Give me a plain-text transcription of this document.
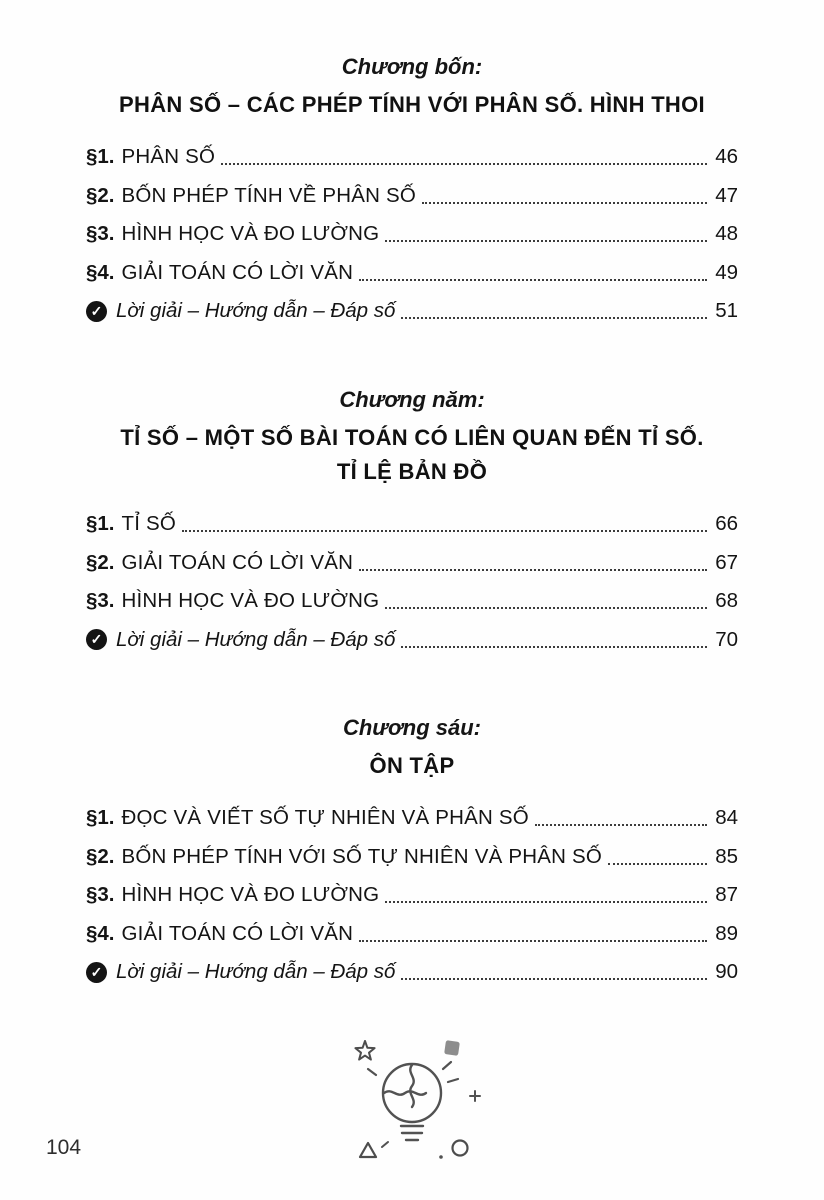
Chương bốn:
PHÂN SỐ – CÁC PHÉP TÍNH VỚI PHÂN SỐ. HÌNH THOI
§1. PHÂN SỐ	46
§2. BỐN PHÉP TÍNH VỀ PHÂN SỐ	47
§3. HÌNH HỌC VÀ ĐO LƯỜNG	48
§4. GIẢI TOÁN CÓ LỜI VĂN	49
✓ Lời giải – Hướng dẫn – Đáp số	51
Chương năm:
TỈ SỐ – MỘT SỐ BÀI TOÁN CÓ LIÊN QUAN ĐẾN TỈ SỐ.
TỈ LỆ BẢN ĐỒ
§1. TỈ SỐ	66
§2. GIẢI TOÁN CÓ LỜI VĂN	67
§3. HÌNH HỌC VÀ ĐO LƯỜNG	68
✓ Lời giải – Hướng dẫn – Đáp số	70
Chương sáu:
ÔN TẬP
§1. ĐỌC VÀ VIẾT SỐ TỰ NHIÊN VÀ PHÂN SỐ	84
§2. BỐN PHÉP TÍNH VỚI SỐ TỰ NHIÊN VÀ PHÂN SỐ	85
§3. HÌNH HỌC VÀ ĐO LƯỜNG	87
§4. GIẢI TOÁN CÓ LỜI VĂN	89
✓ Lời giải – Hướng dẫn – Đáp số	90
104
